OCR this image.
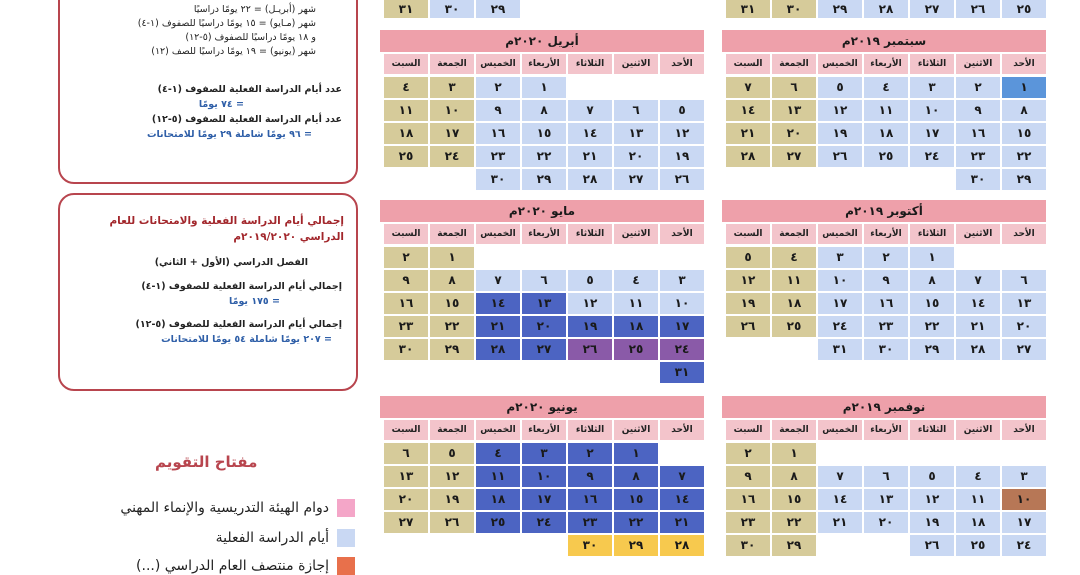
٢٩
٣٠
٣١	٢٥
٢٦
٢٧
٢٨
٢٩
٣٠
٣١
شهر (أبريـل) = ٢٢ يومًا دراسيًا
شهر (مـايو) = ١٥ يومًا دراسيًا للصفوف (١-٤)
و ١٨ يومًا دراسيًا للصفوف (٥-١٢)
شهر (يونيو) = ١٩ يومًا دراسيًا للصف (١٢)
عدد أيام الدراسة الفعلية للصفوف (١-٤)
= ٧٤ يومًا
عدد أيام الدراسة الفعلية للصفوف (٥-١٢)
= ٩٦ يومًا شاملة ٢٩ يومًا للامتحانات
إجمالي أيام الدراسة الفعلية والامتحانات للعام
الدراسي ٢٠١٩/٢٠٢٠م
الفصل الدراسي (الأول + الثاني)
إجمالي أيام الدراسة الفعلية للصفوف (١-٤)
= ١٧٥ يومًا
إجمالي أيام الدراسة الفعلية للصفوف (٥-١٢)
= ٢٠٧ يومًا شاملة ٥٤ يومًا للامتحانات
مفتاح التقويم
دوام الهيئة التدريسية والإنماء المهني
أيام الدراسة الفعلية
إجازة منتصف العام الدراسي (...)
أبريل ٢٠٢٠م
الأحد
الاثنين
الثلاثاء
الأربعاء
الخميس
الجمعة
السبت
١
٢
٣
٤
٥
٦
٧
٨
٩
١٠
١١
١٢
١٣
١٤
١٥
١٦
١٧
١٨
١٩
٢٠
٢١
٢٢
٢٣
٢٤
٢٥
٢٦
٢٧
٢٨
٢٩
٣٠
سبتمبر ٢٠١٩م
الأحد
الاثنين
الثلاثاء
الأربعاء
الخميس
الجمعة
السبت
١
٢
٣
٤
٥
٦
٧
٨
٩
١٠
١١
١٢
١٣
١٤
١٥
١٦
١٧
١٨
١٩
٢٠
٢١
٢٢
٢٣
٢٤
٢٥
٢٦
٢٧
٢٨
٢٩
٣٠
مايو ٢٠٢٠م
الأحد
الاثنين
الثلاثاء
الأربعاء
الخميس
الجمعة
السبت
١
٢
٣
٤
٥
٦
٧
٨
٩
١٠
١١
١٢
١٣
١٤
١٥
١٦
١٧
١٨
١٩
٢٠
٢١
٢٢
٢٣
٢٤
٢٥
٢٦
٢٧
٢٨
٢٩
٣٠
٣١
أكتوبر ٢٠١٩م
الأحد
الاثنين
الثلاثاء
الأربعاء
الخميس
الجمعة
السبت
١
٢
٣
٤
٥
٦
٧
٨
٩
١٠
١١
١٢
١٣
١٤
١٥
١٦
١٧
١٨
١٩
٢٠
٢١
٢٢
٢٣
٢٤
٢٥
٢٦
٢٧
٢٨
٢٩
٣٠
٣١
يونيو ٢٠٢٠م
الأحد
الاثنين
الثلاثاء
الأربعاء
الخميس
الجمعة
السبت
١
٢
٣
٤
٥
٦
٧
٨
٩
١٠
١١
١٢
١٣
١٤
١٥
١٦
١٧
١٨
١٩
٢٠
٢١
٢٢
٢٣
٢٤
٢٥
٢٦
٢٧
٢٨
٢٩
٣٠
نوفمبر ٢٠١٩م
الأحد
الاثنين
الثلاثاء
الأربعاء
الخميس
الجمعة
السبت
١
٢
٣
٤
٥
٦
٧
٨
٩
١٠
١١
١٢
١٣
١٤
١٥
١٦
١٧
١٨
١٩
٢٠
٢١
٢٢
٢٣
٢٤
٢٥
٢٦
٢٩
٣٠
